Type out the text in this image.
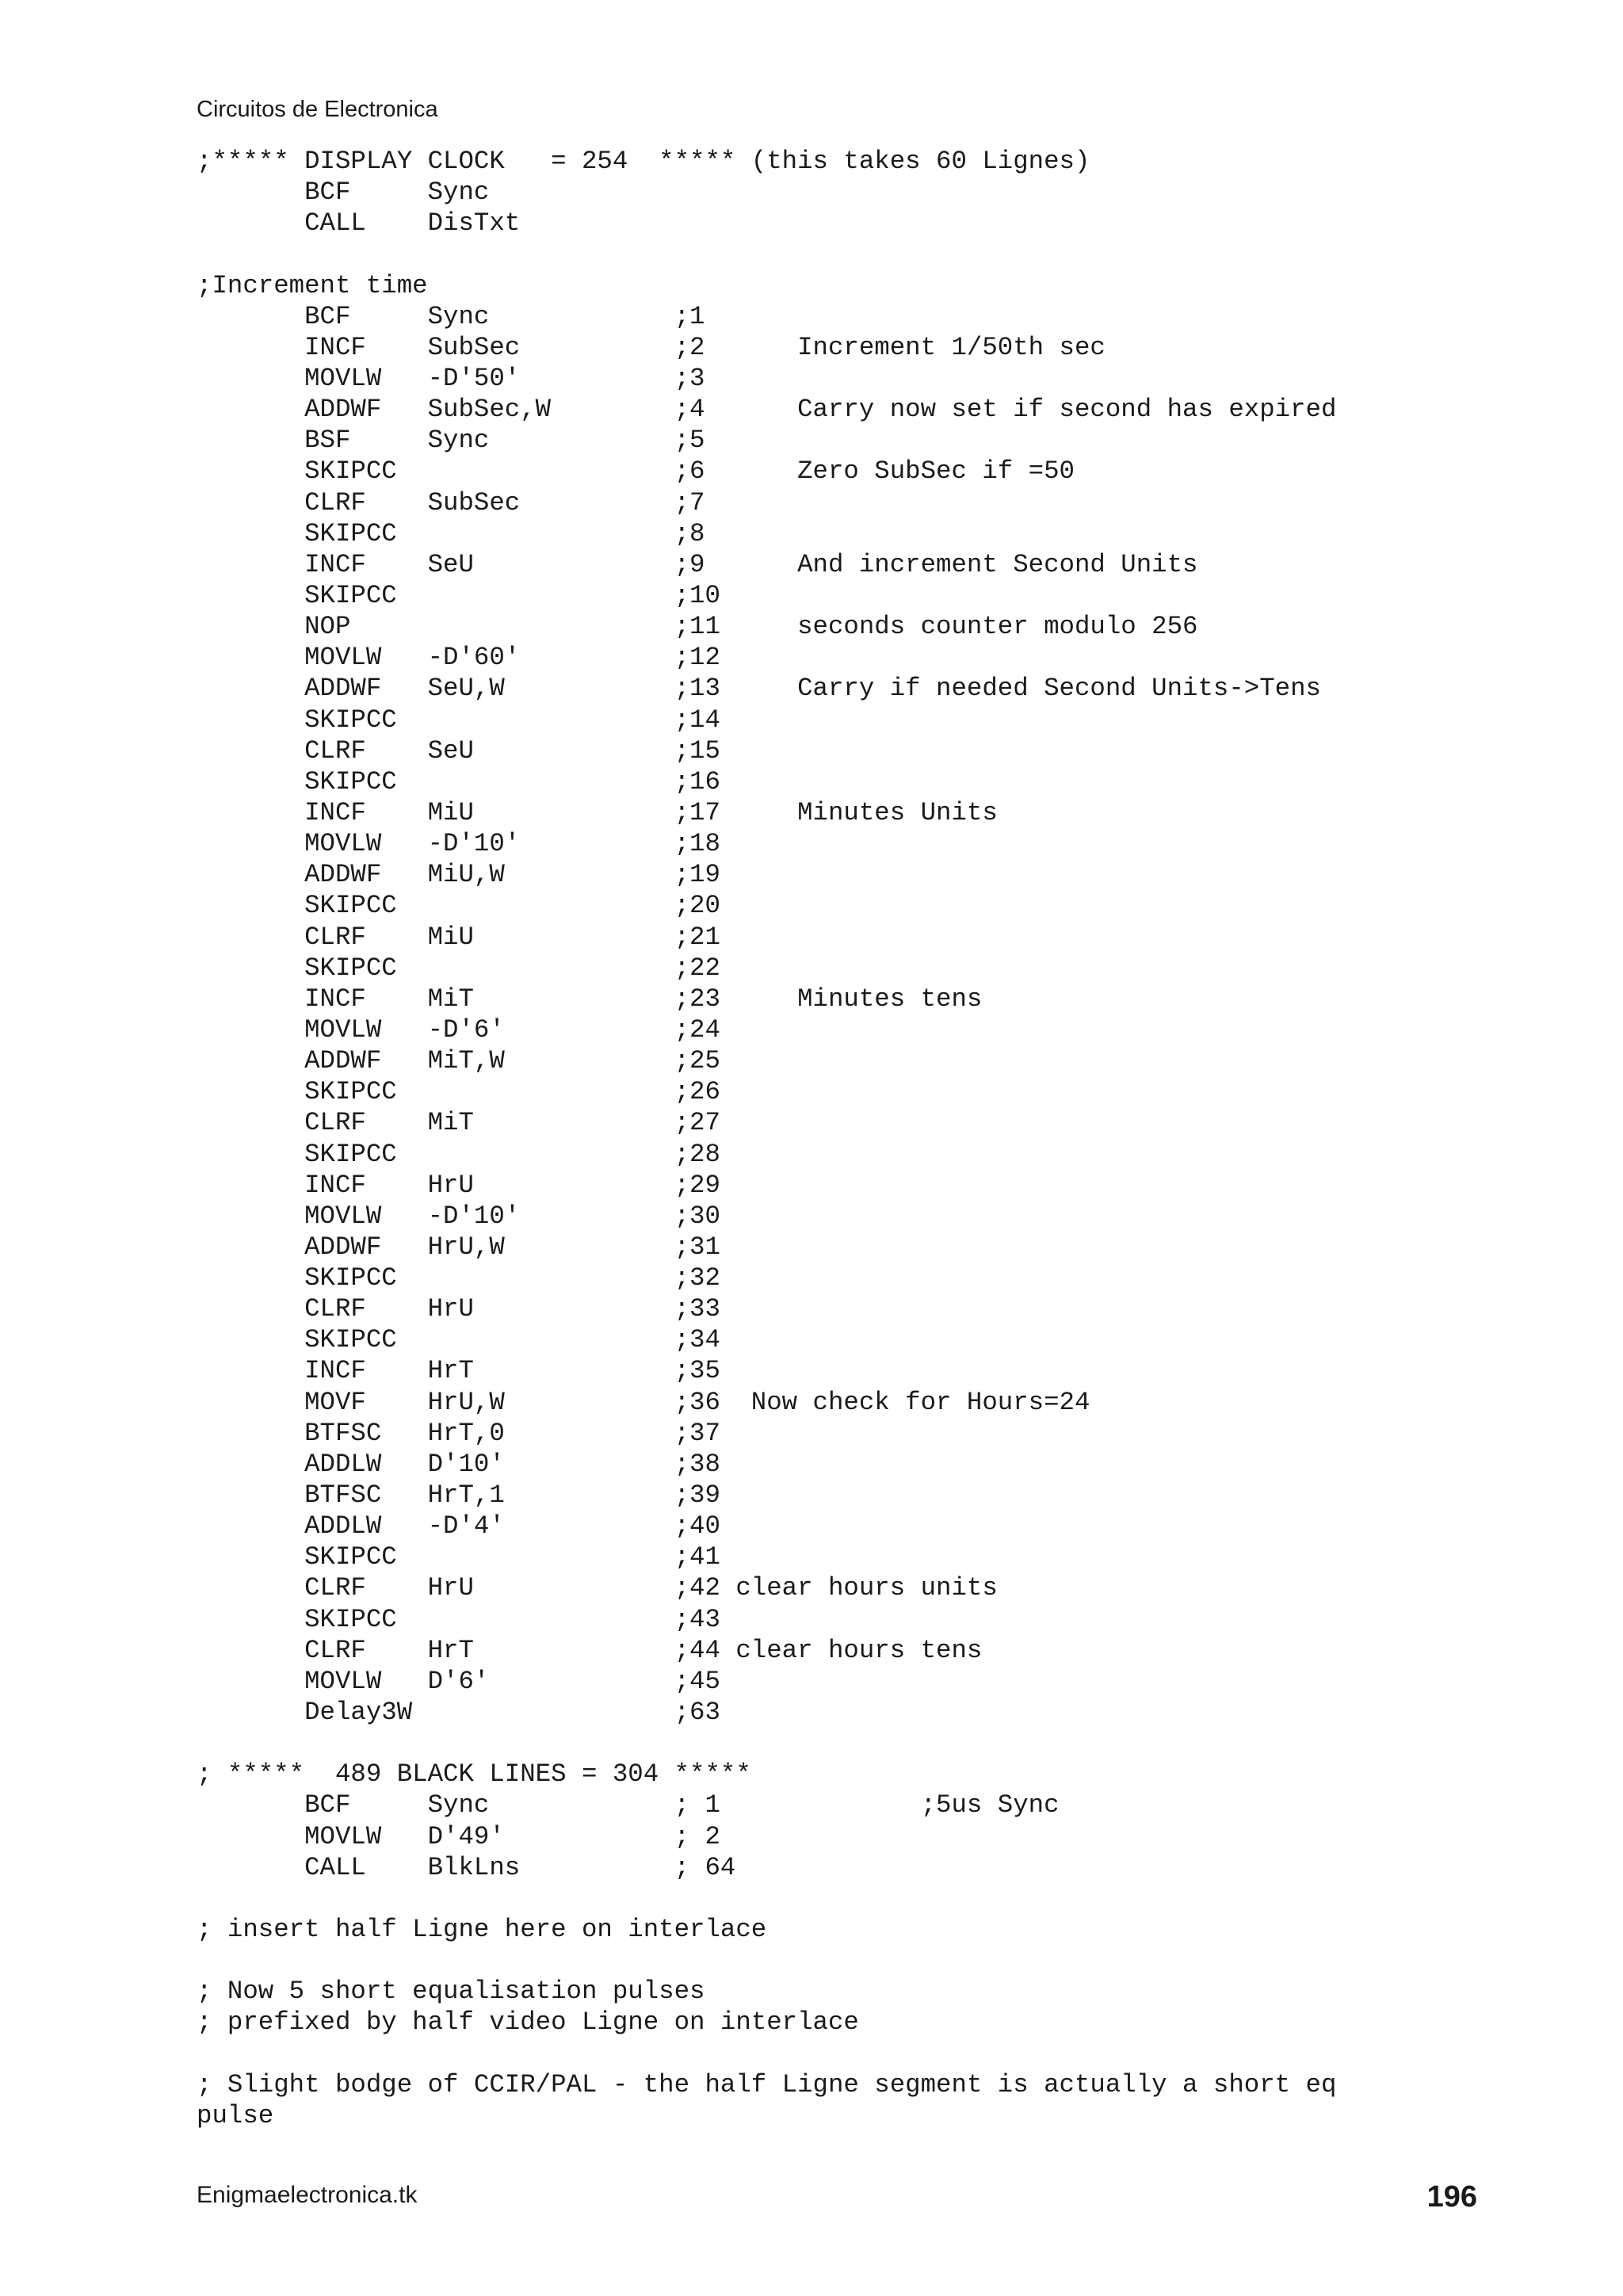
Circuitos de Electronica
;***** DISPLAY CLOCK   = 254  ***** (this takes 60 Lignes)
BCF     Sync
CALL    DisTxt
;Increment time
BCF     Sync            ;1
INCF    SubSec          ;2      Increment 1/50th sec
MOVLW   -D'50'          ;3
ADDWF   SubSec,W        ;4      Carry now set if second has expired
BSF     Sync            ;5
SKIPCC                  ;6      Zero SubSec if =50
CLRF    SubSec          ;7
SKIPCC                  ;8
INCF    SeU             ;9      And increment Second Units
SKIPCC                  ;10
NOP                     ;11     seconds counter modulo 256
MOVLW   -D'60'          ;12
ADDWF   SeU,W           ;13     Carry if needed Second Units->Tens
SKIPCC                  ;14
CLRF    SeU             ;15
SKIPCC                  ;16
INCF    MiU             ;17     Minutes Units
MOVLW   -D'10'          ;18
ADDWF   MiU,W           ;19
SKIPCC                  ;20
CLRF    MiU             ;21
SKIPCC                  ;22
INCF    MiT             ;23     Minutes tens
MOVLW   -D'6'           ;24
ADDWF   MiT,W           ;25
SKIPCC                  ;26
CLRF    MiT             ;27
SKIPCC                  ;28
INCF    HrU             ;29
MOVLW   -D'10'          ;30
ADDWF   HrU,W           ;31
SKIPCC                  ;32
CLRF    HrU             ;33
SKIPCC                  ;34
INCF    HrT             ;35
MOVF    HrU,W           ;36  Now check for Hours=24
BTFSC   HrT,0           ;37
ADDLW   D'10'           ;38
BTFSC   HrT,1           ;39
ADDLW   -D'4'           ;40
SKIPCC                  ;41
CLRF    HrU             ;42 clear hours units
SKIPCC                  ;43
CLRF    HrT             ;44 clear hours tens
MOVLW   D'6'            ;45
Delay3W                 ;63
; *****  489 BLACK LINES = 304 *****
BCF     Sync            ; 1             ;5us Sync
MOVLW   D'49'           ; 2
CALL    BlkLns          ; 64
; insert half Ligne here on interlace
; Now 5 short equalisation pulses
; prefixed by half video Ligne on interlace
; Slight bodge of CCIR/PAL - the half Ligne segment is actually a short eq
pulse
Enigmaelectronica.tk	196
